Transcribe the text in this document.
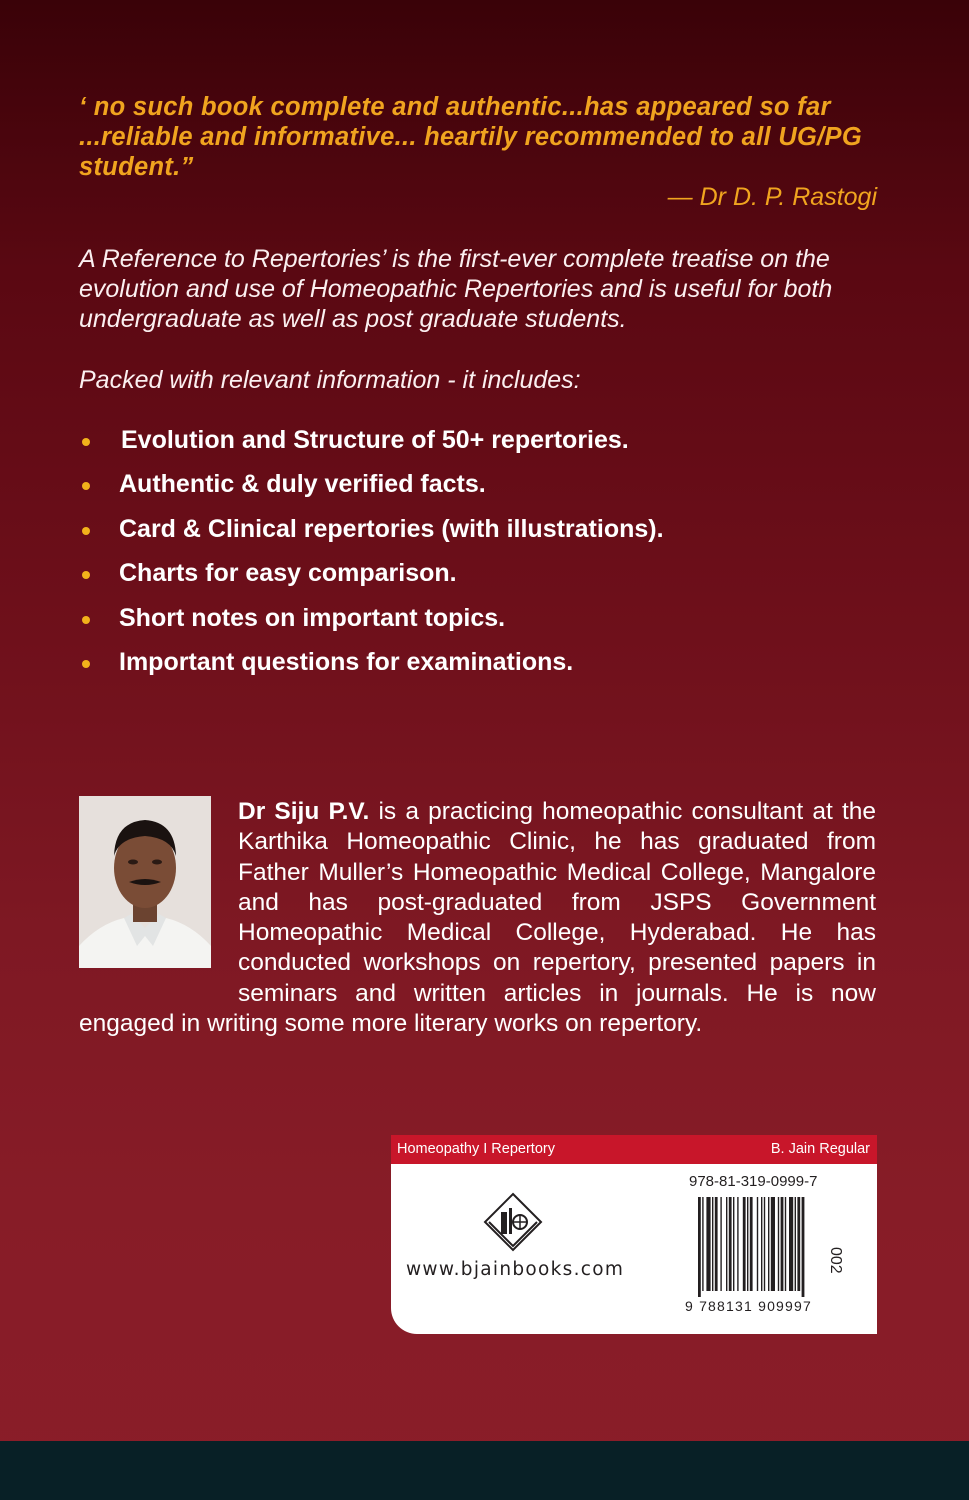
‘ no such book complete and authentic...has appeared so far ...reliable and informative... heartily recommended to all UG/PG student.”
— Dr D. P. Rastogi
A Reference to Repertories’ is the first-ever complete treatise on the evolution and use of Homeopathic Repertories and is useful for both undergraduate as well as post graduate students.
Packed with relevant information - it includes:
Evolution and Structure of 50+ repertories.
Authentic & duly verified facts.
Card & Clinical repertories (with illustrations).
Charts for easy comparison.
Short notes on important topics.
Important questions for examinations.
Dr Siju P.V. is a practicing homeopathic consultant at the Karthika Homeopathic Clinic, he has graduated from Father Muller’s Homeopathic Medical College, Mangalore and has post-graduated from JSPS Government Homeopathic Medical College, Hyderabad. He has conducted workshops on repertory, presented papers in seminars and written articles in journals. He is now engaged in writing some more literary works on repertory.
Homeopathy I Repertory	B. Jain Regular
978-81-319-0999-7
www.bjainbooks.com	002
9 788131 909997
